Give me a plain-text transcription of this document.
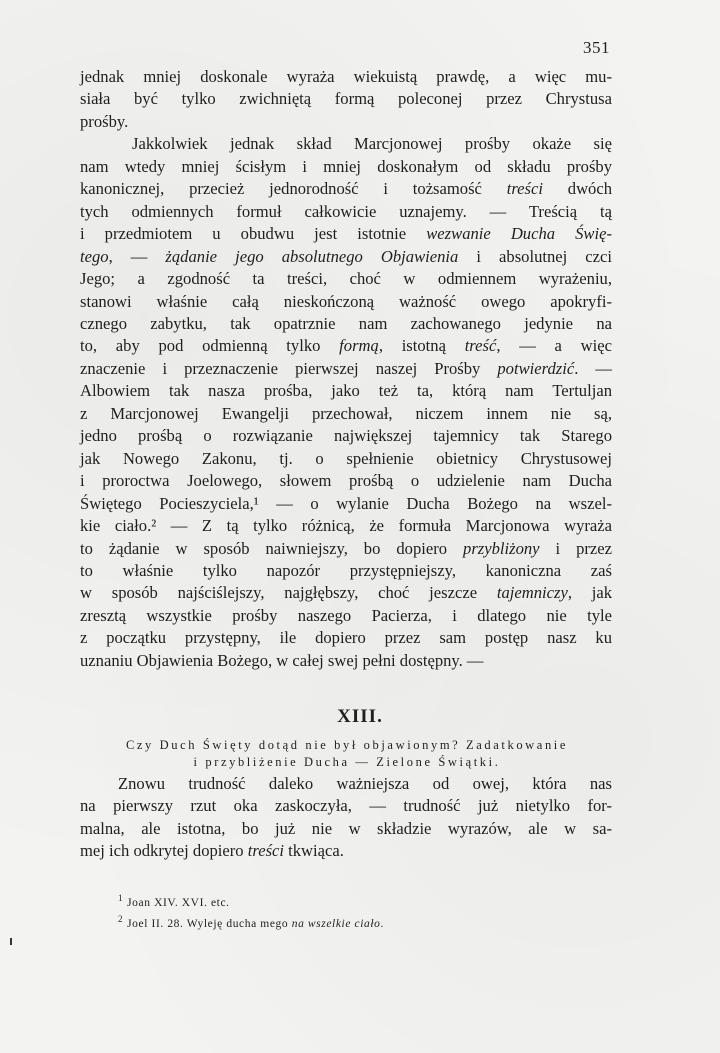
351
jednak mniej doskonale wyraża wiekuistą prawdę, a więc mu-
siała być tylko zwichniętą formą poleconej przez Chrystusa
prośby.
Jakkolwiek jednak skład Marcjonowej prośby okaże się
nam wtedy mniej ścisłym i mniej doskonałym od składu prośby
kanonicznej, przecież jednorodność i tożsamość treści dwóch
tych odmiennych formuł całkowicie uznajemy. — Treścią tą
i przedmiotem u obudwu jest istotnie wezwanie Ducha Świę-
tego, — żądanie jego absolutnego Objawienia i absolutnej czci
Jego; a zgodność ta treści, choć w odmiennem wyrażeniu,
stanowi właśnie całą nieskończoną ważność owego apokryfi-
cznego zabytku, tak opatrznie nam zachowanego jedynie na
to, aby pod odmienną tylko formą, istotną treść, — a więc
znaczenie i przeznaczenie pierwszej naszej Prośby potwierdzić. —
Albowiem tak nasza prośba, jako też ta, którą nam Tertuljan
z Marcjonowej Ewangelji przechował, niczem innem nie są,
jedno prośbą o rozwiązanie największej tajemnicy tak Starego
jak Nowego Zakonu, tj. o spełnienie obietnicy Chrystusowej
i proroctwa Joelowego, słowem prośbą o udzielenie nam Ducha
Świętego Pocieszyciela,¹ — o wylanie Ducha Bożego na wszel-
kie ciało.² — Z tą tylko różnicą, że formuła Marcjonowa wyraża
to żądanie w sposób naiwniejszy, bo dopiero przybliżony i przez
to właśnie tylko napozór przystępniejszy, kanoniczna zaś
w sposób najściślejszy, najgłębszy, choć jeszcze tajemniczy, jak
zresztą wszystkie prośby naszego Pacierza, i dlatego nie tyle
z początku przystępny, ile dopiero przez sam postęp nasz ku
uznaniu Objawienia Bożego, w całej swej pełni dostępny. —
XIII.
Czy Duch Święty dotąd nie był objawionym? Zadatkowanie
i przybliżenie Ducha — Zielone Świątki.
Znowu trudność daleko ważniejsza od owej, która nas
na pierwszy rzut oka zaskoczyła, — trudność już nietylko for-
malna, ale istotna, bo już nie w składzie wyrazów, ale w sa-
mej ich odkrytej dopiero treści tkwiąca.
$^1$ Joan XIV. XVI. etc.
$^2$ Joel II. 28. Wyleję ducha mego na wszelkie ciało.
